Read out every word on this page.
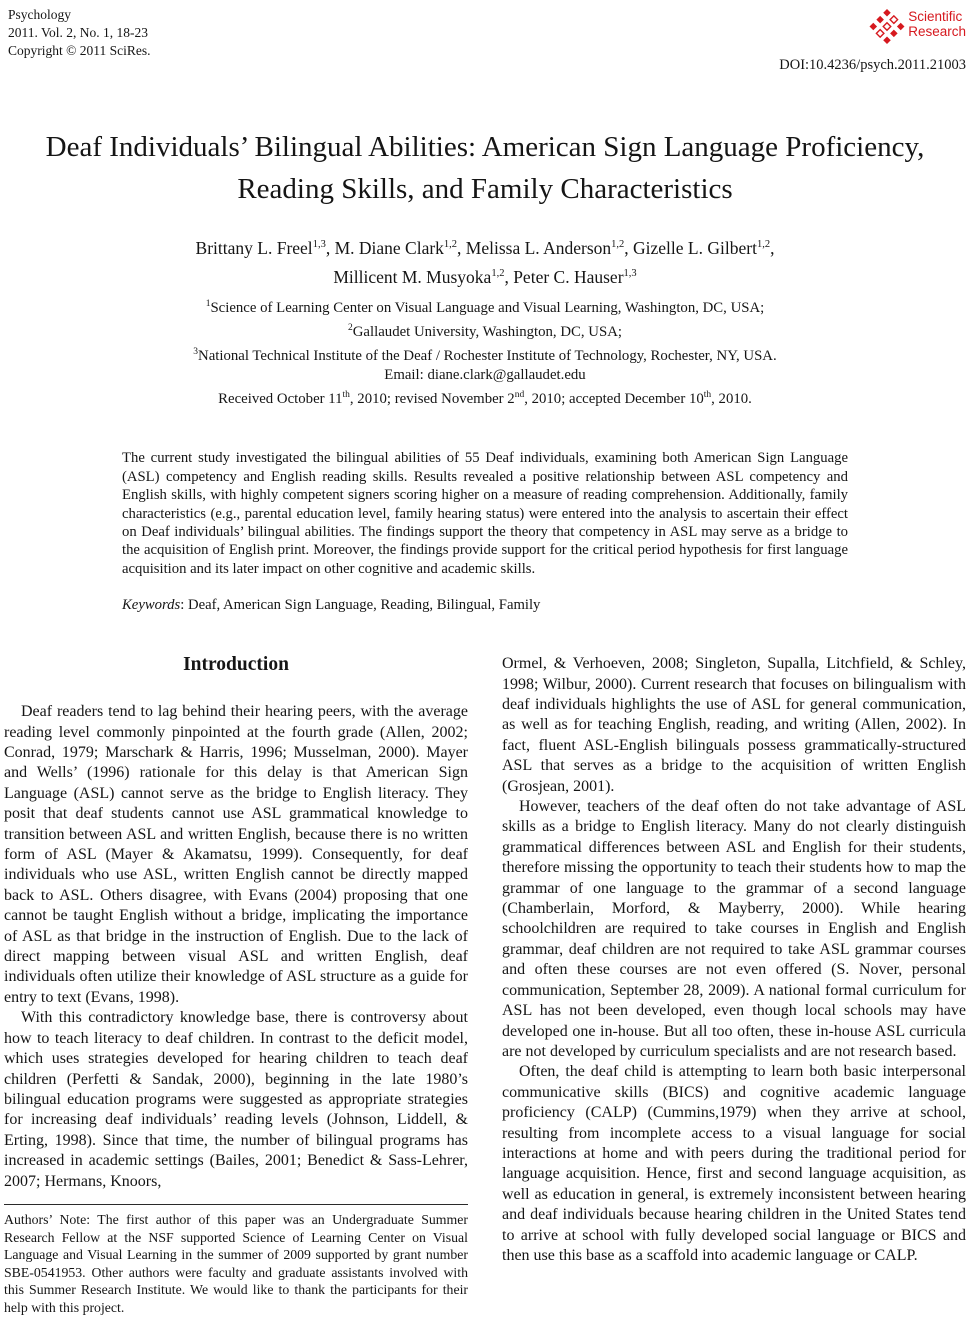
Psychology
2011. Vol. 2, No. 1, 18-23
Copyright © 2011 SciRes.
Scientific
Research
DOI:10.4236/psych.2011.21003
Deaf Individuals’ Bilingual Abilities: American Sign Language Proficiency, Reading Skills, and Family Characteristics
Brittany L. Freel$^{1,3}$, M. Diane Clark$^{1,2}$, Melissa L. Anderson$^{1,2}$, Gizelle L. Gilbert$^{1,2}$,
Millicent M. Musyoka$^{1,2}$, Peter C. Hauser$^{1,3}$
$^1$Science of Learning Center on Visual Language and Visual Learning, Washington, DC, USA;
$^2$Gallaudet University, Washington, DC, USA;
$^3$National Technical Institute of the Deaf / Rochester Institute of Technology, Rochester, NY, USA.
Email: diane.clark@gallaudet.edu
Received October 11th, 2010; revised November 2nd, 2010; accepted December 10th, 2010.
The current study investigated the bilingual abilities of 55 Deaf individuals, examining both American Sign Language (ASL) competency and English reading skills. Results revealed a positive relationship between ASL competency and English skills, with highly competent signers scoring higher on a measure of reading comprehension. Additionally, family characteristics (e.g., parental education level, family hearing status) were entered into the analysis to ascertain their effect on Deaf individuals’ bilingual abilities. The findings support the theory that competency in ASL may serve as a bridge to the acquisition of English print. Moreover, the findings provide support for the critical period hypothesis for first language acquisition and its later impact on other cognitive and academic skills.
Keywords: Deaf, American Sign Language, Reading, Bilingual, Family
Introduction

Deaf readers tend to lag behind their hearing peers, with the average reading level commonly pinpointed at the fourth grade (Allen, 2002; Conrad, 1979; Marschark & Harris, 1996; Musselman, 2000). Mayer and Wells’ (1996) rationale for this delay is that American Sign Language (ASL) cannot serve as the bridge to English literacy. They posit that deaf students cannot use ASL grammatical knowledge to transition between ASL and written English, because there is no written form of ASL (Mayer & Akamatsu, 1999). Consequently, for deaf individuals who use ASL, written English cannot be directly mapped back to ASL. Others disagree, with Evans (2004) proposing that one cannot be taught English without a bridge, implicating the importance of ASL as that bridge in the instruction of English. Due to the lack of direct mapping between visual ASL and written English, deaf individuals often utilize their knowledge of ASL structure as a guide for entry to text (Evans, 1998).

With this contradictory knowledge base, there is controversy about how to teach literacy to deaf children. In contrast to the deficit model, which uses strategies developed for hearing children to teach deaf children (Perfetti & Sandak, 2000), beginning in the late 1980’s bilingual education programs were suggested as appropriate strategies for increasing deaf individuals’ reading levels (Johnson, Liddell, & Erting, 1998). Since that time, the number of bilingual programs has increased in academic settings (Bailes, 2001; Benedict & Sass-Lehrer, 2007; Hermans, Knoors,

Authors’ Note: The first author of this paper was an Undergraduate Summer Research Fellow at the NSF supported Science of Learning Center on Visual Language and Visual Learning in the summer of 2009 supported by grant number SBE-0541953. Other authors were faculty and graduate assistants involved with this Summer Research Institute. We would like to thank the participants for their help with this project.

Ormel, & Verhoeven, 2008; Singleton, Supalla, Litchfield, & Schley, 1998; Wilbur, 2000). Current research that focuses on bilingualism with deaf individuals highlights the use of ASL for general communication, as well as for teaching English, reading, and writing (Allen, 2002). In fact, fluent ASL-English bilinguals possess grammatically-structured ASL that serves as a bridge to the acquisition of written English (Grosjean, 2001).

However, teachers of the deaf often do not take advantage of ASL skills as a bridge to English literacy. Many do not clearly distinguish grammatical differences between ASL and English for their students, therefore missing the opportunity to teach their students how to map the grammar of one language to the grammar of a second language (Chamberlain, Morford, & Mayberry, 2000). While hearing schoolchildren are required to take courses in English and English grammar, deaf children are not required to take ASL grammar courses and often these courses are not even offered (S. Nover, personal communication, September 28, 2009). A national formal curriculum for ASL has not been developed, even though local schools may have developed one in-house. But all too often, these in-house ASL curricula are not developed by curriculum specialists and are not research based.

Often, the deaf child is attempting to learn both basic interpersonal communicative skills (BICS) and cognitive academic language proficiency (CALP) (Cummins,1979) when they arrive at school, resulting from incomplete access to a visual language for social interactions at home and with peers during the traditional period for language acquisition. Hence, first and second language acquisition, as well as education in general, is extremely inconsistent between hearing and deaf individuals because hearing children in the United States tend to arrive at school with fully developed social language or BICS and then use this base as a scaffold into academic language or CALP.
